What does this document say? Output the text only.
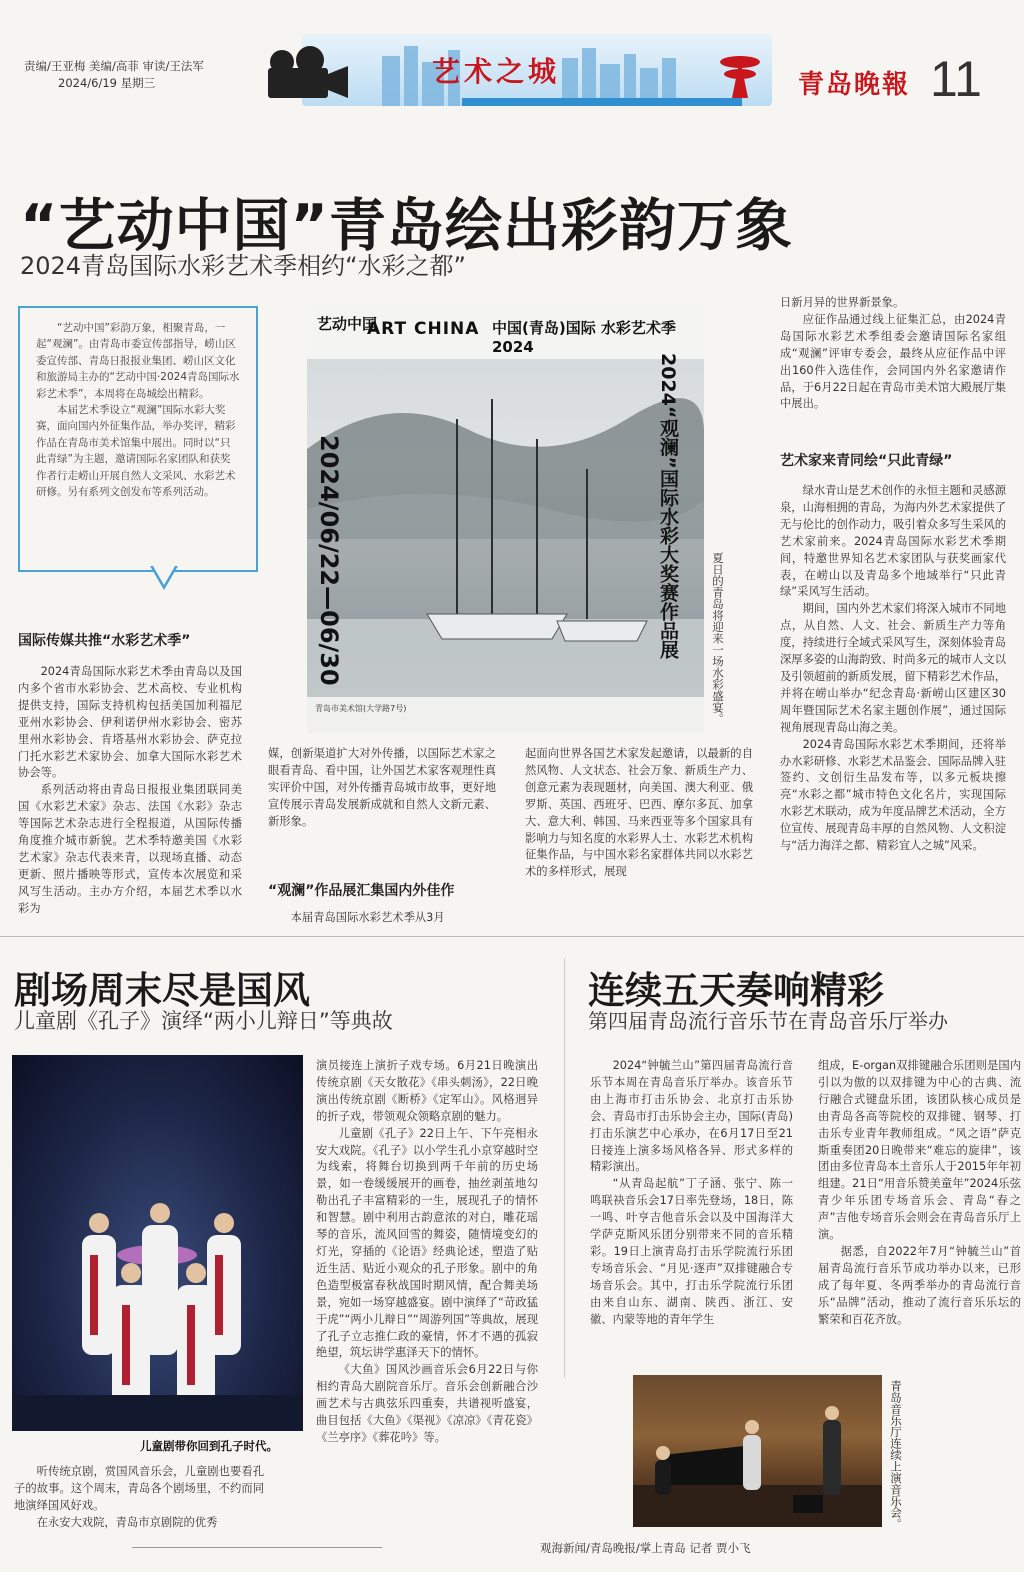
责编/王亚梅 美编/高菲 审读/王法军
2024/6/19 星期三	艺术之城	青岛晚報 11
“艺动中国”青岛绘出彩韵万象
2024青岛国际水彩艺术季相约“水彩之都”

“艺动中国”彩韵万象，相聚青岛，一起“观澜”。由青岛市委宣传部指导，崂山区委宣传部、青岛日报报业集团、崂山区文化和旅游局主办的“艺动中国·2024青岛国际水彩艺术季”，本周将在岛城绘出精彩。

本届艺术季设立“观澜”国际水彩大奖赛，面向国内外征集作品，举办奖评，精彩作品在青岛市美术馆集中展出。同时以“只此青绿”为主题，邀请国际名家团队和获奖作者行走崂山开展自然人文采风、水彩艺术研修。另有系列文创发布等系列活动。

国际传媒共推“水彩艺术季”

2024青岛国际水彩艺术季由青岛以及国内多个省市水彩协会、艺术高校、专业机构提供支持，国际支持机构包括美国加利福尼亚州水彩协会、伊利诺伊州水彩协会、密苏里州水彩协会、肯塔基州水彩协会、萨克拉门托水彩艺术家协会、加拿大国际水彩艺术协会等。

系列活动将由青岛日报报业集团联同美国《水彩艺术家》杂志、法国《水彩》杂志等国际艺术杂志进行全程报道，从国际传播角度推介城市新貌。艺术季特邀美国《水彩艺术家》杂志代表来青，以现场直播、动态更新、照片播映等形式，宣传本次展览和采风写生活动。主办方介绍，本届艺术季以水彩为

艺动中国
ART CHINA 中国(青岛)国际 水彩艺术季 2024
2024/06/22—06/30	2024“观澜”国际水彩大奖赛作品展
青岛市美术馆(大学路7号)	夏日的青岛将迎来一场水彩盛宴。

媒，创新渠道扩大对外传播，以国际艺术家之眼看青岛、看中国，让外国艺术家客观理性真实评价中国，对外传播青岛城市故事，更好地宣传展示青岛发展新成就和自然人文新元素、新形象。

“观澜”作品展汇集国内外佳作

本届青岛国际水彩艺术季从3月

起面向世界各国艺术家发起邀请，以最新的自然风物、人文状态、社会万象、新质生产力、创意元素为表现题材，向美国、澳大利亚、俄罗斯、英国、西班牙、巴西、摩尔多瓦、加拿大、意大利、韩国、马来西亚等多个国家具有影响力与知名度的水彩界人士、水彩艺术机构征集作品，与中国水彩名家群体共同以水彩艺术的多样形式，展现

日新月异的世界新景象。

应征作品通过线上征集汇总，由2024青岛国际水彩艺术季组委会邀请国际名家组成“观澜”评审专委会，最终从应征作品中评出160件入选佳作，会同国内外名家邀请作品，于6月22日起在青岛市美术馆大殿展厅集中展出。

艺术家来青同绘“只此青绿”

绿水青山是艺术创作的永恒主题和灵感源泉，山海相拥的青岛，为海内外艺术家提供了无与伦比的创作动力，吸引着众多写生采风的艺术家前来。2024青岛国际水彩艺术季期间，特邀世界知名艺术家团队与获奖画家代表，在崂山以及青岛多个地域举行“只此青绿”采风写生活动。

期间，国内外艺术家们将深入城市不同地点，从自然、人文、社会、新质生产力等角度，持续进行全域式采风写生，深刻体验青岛深厚多姿的山海韵致、时尚多元的城市人文以及引领超前的新质发展，留下精彩艺术作品，并将在崂山举办“纪念青岛·新崂山区建区30周年暨国际艺术名家主题创作展”，通过国际视角展现青岛山海之美。

2024青岛国际水彩艺术季期间，还将举办水彩研修、水彩艺术品鉴会、国际品牌入驻签约、文创衍生品发布等，以多元板块擦亮“水彩之都”城市特色文化名片，实现国际水彩艺术联动，成为年度品牌艺术活动，全方位宣传、展现青岛丰厚的自然风物、人文积淀与“活力海洋之都、精彩宜人之城”风采。

剧场周末尽是国风
儿童剧《孔子》演绎“两小儿辩日”等典故
儿童剧带你回到孔子时代。

听传统京剧，赏国风音乐会，儿童剧也要看孔子的故事。这个周末，青岛各个剧场里，不约而同地演绎国风好戏。

在永安大戏院，青岛市京剧院的优秀

演员接连上演折子戏专场。6月21日晚演出传统京剧《天女散花》《串头刺汤》，22日晚演出传统京剧《断桥》《定军山》。风格迥异的折子戏，带领观众领略京剧的魅力。

儿童剧《孔子》22日上午、下午亮相永安大戏院。《孔子》以小学生孔小京穿越时空为线索，将舞台切换到两千年前的历史场景，如一卷缓缓展开的画卷，抽丝剥茧地勾勒出孔子丰富精彩的一生，展现孔子的情怀和智慧。剧中利用古韵意浓的对白，雕花瑶琴的音乐，流风回雪的舞姿，随情境变幻的灯光，穿插的《论语》经典论述，塑造了贴近生活、贴近小观众的孔子形象。剧中的角色造型极富春秋战国时期风情，配合舞美场景，宛如一场穿越盛宴。剧中演绎了“苛政猛于虎”“两小儿辩日”“周游列国”等典故，展现了孔子立志推仁政的豪情，怀才不遇的孤寂绝望，筑坛讲学惠泽天下的情怀。

《大鱼》国风沙画音乐会6月22日与你相约青岛大剧院音乐厅。音乐会创新融合沙画艺术与古典弦乐四重奏，共谱视听盛宴，曲目包括《大鱼》《渠视》《凉凉》《青花瓷》《兰亭序》《葬花吟》等。

连续五天奏响精彩
第四届青岛流行音乐节在青岛音乐厅举办

2024“钟毓兰山”第四届青岛流行音乐节本周在青岛音乐厅举办。该音乐节由上海市打击乐协会、北京打击乐协会、青岛市打击乐协会主办，国际(青岛)打击乐演艺中心承办，在6月17日至21日接连上演多场风格各异、形式多样的精彩演出。

“从青岛起航”丁子涵、张宁、陈一鸣联袂音乐会17日率先登场，18日，陈一鸣、叶亨吉他音乐会以及中国海洋大学萨克斯风乐团分别带来不同的音乐精彩。19日上演青岛打击乐学院流行乐团专场音乐会、“月见·逐声”双排键融合专场音乐会。其中，打击乐学院流行乐团由来自山东、湖南、陕西、浙江、安徽、内蒙等地的青年学生

组成，E-organ双排键融合乐团则是国内引以为傲的以双排键为中心的古典、流行融合式键盘乐团，该团队核心成员是由青岛各高等院校的双排键、钢琴、打击乐专业青年教师组成。“风之语”萨克斯重奏团20日晚带来“难忘的旋律”，该团由多位青岛本土音乐人于2015年年初组建。21日“用音乐赞美童年”2024乐弦青少年乐团专场音乐会、青岛“春之声”吉他专场音乐会则会在青岛音乐厅上演。

据悉，自2022年7月“钟毓兰山”首届青岛流行音乐节成功举办以来，已形成了每年夏、冬两季举办的青岛流行音乐“品牌”活动，推动了流行音乐乐坛的繁荣和百花齐放。

青岛音乐厅连续上演音乐会。
观海新闻/青岛晚报/掌上青岛 记者 贾小飞
